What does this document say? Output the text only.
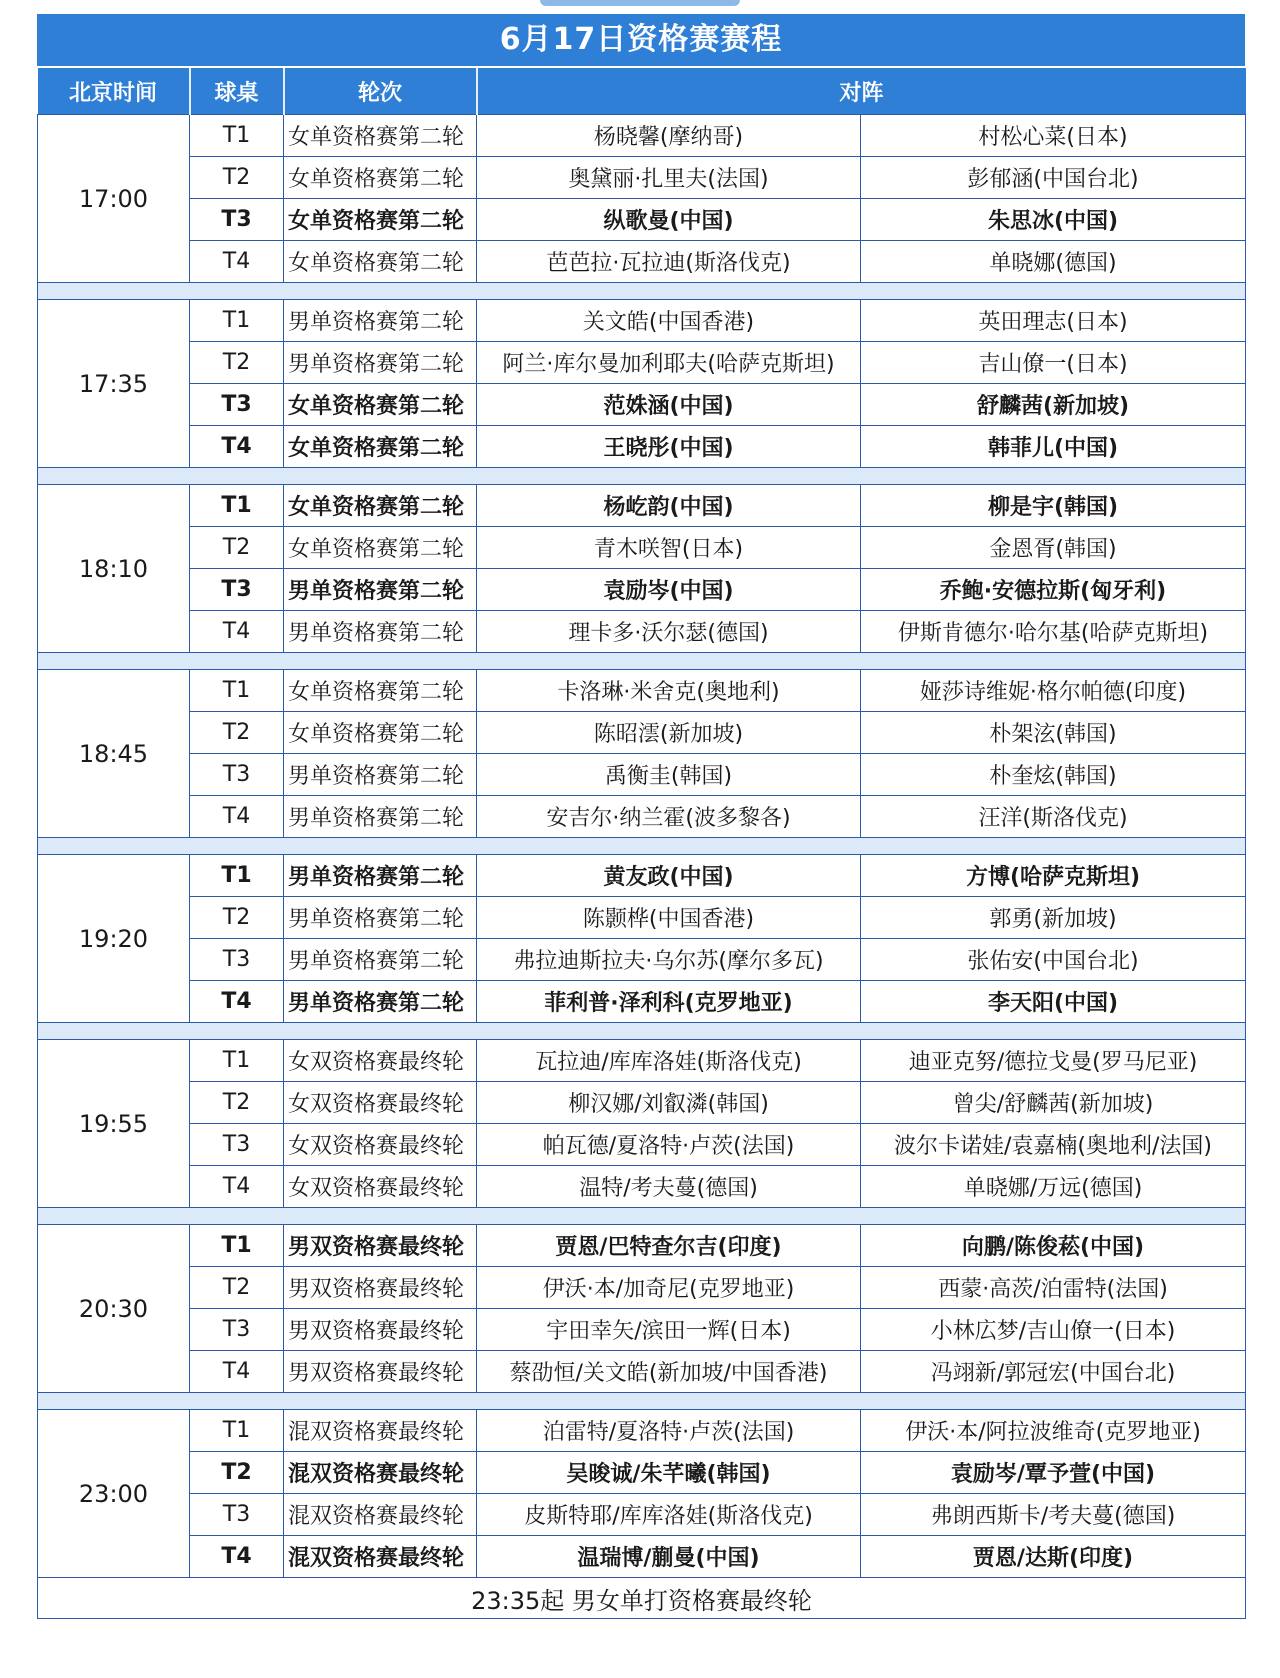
6月17日资格赛赛程
北京时间	球桌	轮次	对阵	
17:00	T1	女单资格赛第二轮	杨晓馨(摩纳哥)	村松心菜(日本)
	T2	女单资格赛第二轮	奥黛丽·扎里夫(法国)	彭郁涵(中国台北)
	T3	女单资格赛第二轮	纵歌曼(中国)	朱思冰(中国)
	T4	女单资格赛第二轮	芭芭拉·瓦拉迪(斯洛伐克)	单晓娜(德国)

17:35	T1	男单资格赛第二轮	关文皓(中国香港)	英田理志(日本)
	T2	男单资格赛第二轮	阿兰·库尔曼加利耶夫(哈萨克斯坦)	吉山僚一(日本)
	T3	女单资格赛第二轮	范姝涵(中国)	舒麟茜(新加坡)
	T4	女单资格赛第二轮	王晓彤(中国)	韩菲儿(中国)

18:10	T1	女单资格赛第二轮	杨屹韵(中国)	柳是宇(韩国)
	T2	女单资格赛第二轮	青木咲智(日本)	金恩胥(韩国)
	T3	男单资格赛第二轮	袁励岑(中国)	乔鲍·安德拉斯(匈牙利)
	T4	男单资格赛第二轮	理卡多·沃尔瑟(德国)	伊斯肯德尔·哈尔基(哈萨克斯坦)

18:45	T1	女单资格赛第二轮	卡洛琳·米舍克(奥地利)	娅莎诗维妮·格尔帕德(印度)
	T2	女单资格赛第二轮	陈昭澐(新加坡)	朴架泫(韩国)
	T3	男单资格赛第二轮	禹衡圭(韩国)	朴奎炫(韩国)
	T4	男单资格赛第二轮	安吉尔·纳兰霍(波多黎各)	汪洋(斯洛伐克)

19:20	T1	男单资格赛第二轮	黄友政(中国)	方博(哈萨克斯坦)
	T2	男单资格赛第二轮	陈颢桦(中国香港)	郭勇(新加坡)
	T3	男单资格赛第二轮	弗拉迪斯拉夫·乌尔苏(摩尔多瓦)	张佑安(中国台北)
	T4	男单资格赛第二轮	菲利普·泽利科(克罗地亚)	李天阳(中国)

19:55	T1	女双资格赛最终轮	瓦拉迪/库库洛娃(斯洛伐克)	迪亚克努/德拉戈曼(罗马尼亚)
	T2	女双资格赛最终轮	柳汉娜/刘叡潾(韩国)	曾尖/舒麟茜(新加坡)
	T3	女双资格赛最终轮	帕瓦德/夏洛特·卢茨(法国)	波尔卡诺娃/袁嘉楠(奥地利/法国)
	T4	女双资格赛最终轮	温特/考夫蔓(德国)	单晓娜/万远(德国)

20:30	T1	男双资格赛最终轮	贾恩/巴特查尔吉(印度)	向鹏/陈俊菘(中国)
	T2	男双资格赛最终轮	伊沃·本/加奇尼(克罗地亚)	西蒙·高茨/泊雷特(法国)
	T3	男双资格赛最终轮	宇田幸矢/滨田一辉(日本)	小林広梦/吉山僚一(日本)
	T4	男双资格赛最终轮	蔡劭恒/关文皓(新加坡/中国香港)	冯翊新/郭冠宏(中国台北)

23:00	T1	混双资格赛最终轮	泊雷特/夏洛特·卢茨(法国)	伊沃·本/阿拉波维奇(克罗地亚)
	T2	混双资格赛最终轮	吴晙诚/朱芊曦(韩国)	袁励岑/覃予萱(中国)
	T3	混双资格赛最终轮	皮斯特耶/库库洛娃(斯洛伐克)	弗朗西斯卡/考夫蔓(德国)
	T4	混双资格赛最终轮	温瑞博/蒯曼(中国)	贾恩/达斯(印度)
23:35起 男女单打资格赛最终轮				
